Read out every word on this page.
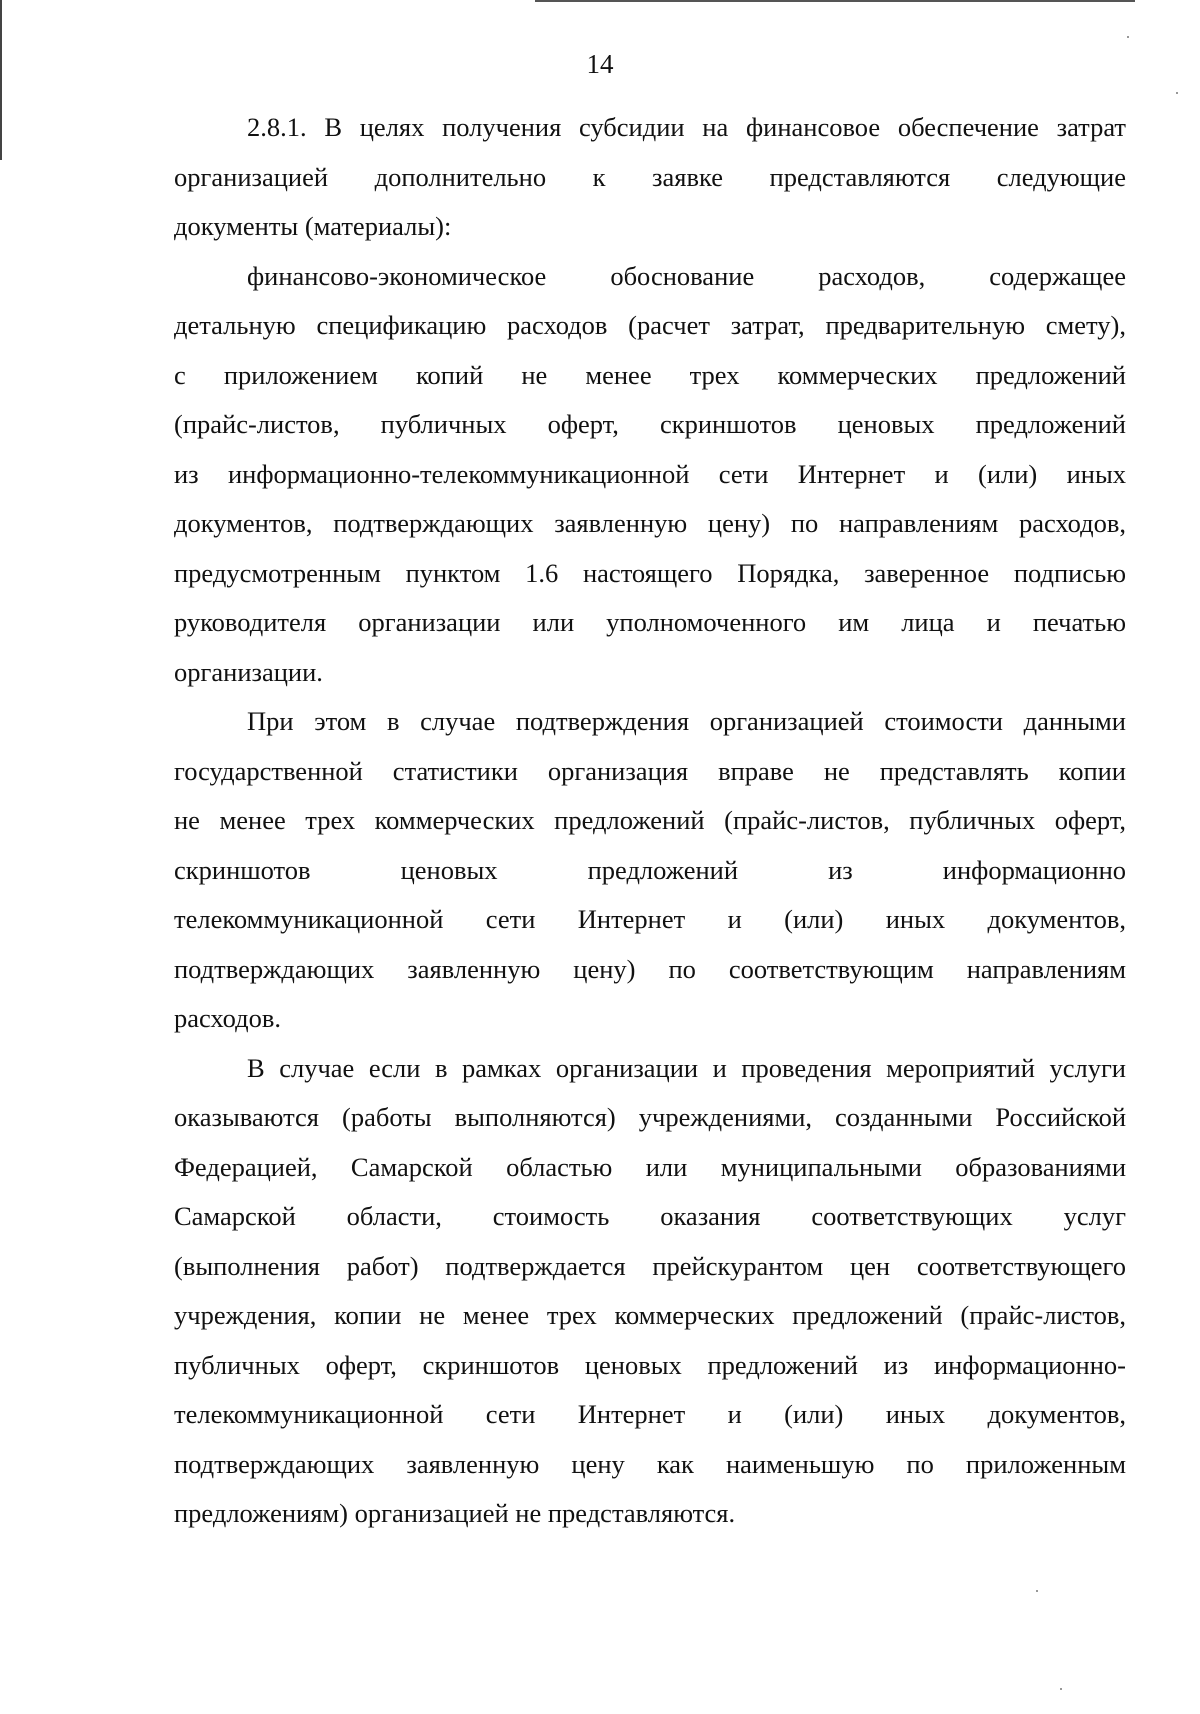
14

2.8.1. В целях получения субсидии на финансовое обеспечение затрат
организацией дополнительно к заявке представляются следующие
документы (материалы):

финансово-экономическое обоснование расходов, содержащее
детальную спецификацию расходов (расчет затрат, предварительную смету),
с приложением копий не менее трех коммерческих предложений
(прайс-листов, публичных оферт, скриншотов ценовых предложений
из информационно-телекоммуникационной сети Интернет и (или) иных
документов, подтверждающих заявленную цену) по направлениям расходов,
предусмотренным пунктом 1.6 настоящего Порядка, заверенное подписью
руководителя организации или уполномоченного им лица и печатью
организации.

При этом в случае подтверждения организацией стоимости данными
государственной статистики организация вправе не представлять копии
не менее трех коммерческих предложений (прайс-листов, публичных оферт,
скриншотов ценовых предложений из информационно
телекоммуникационной сети Интернет и (или) иных документов,
подтверждающих заявленную цену) по соответствующим направлениям
расходов.

В случае если в рамках организации и проведения мероприятий услуги
оказываются (работы выполняются) учреждениями, созданными Российской
Федерацией, Самарской областью или муниципальными образованиями
Самарской области, стоимость оказания соответствующих услуг
(выполнения работ) подтверждается прейскурантом цен соответствующего
учреждения, копии не менее трех коммерческих предложений (прайс-листов,
публичных оферт, скриншотов ценовых предложений из информационно-
телекоммуникационной сети Интернет и (или) иных документов,
подтверждающих заявленную цену как наименьшую по приложенным
предложениям) организацией не представляются.
